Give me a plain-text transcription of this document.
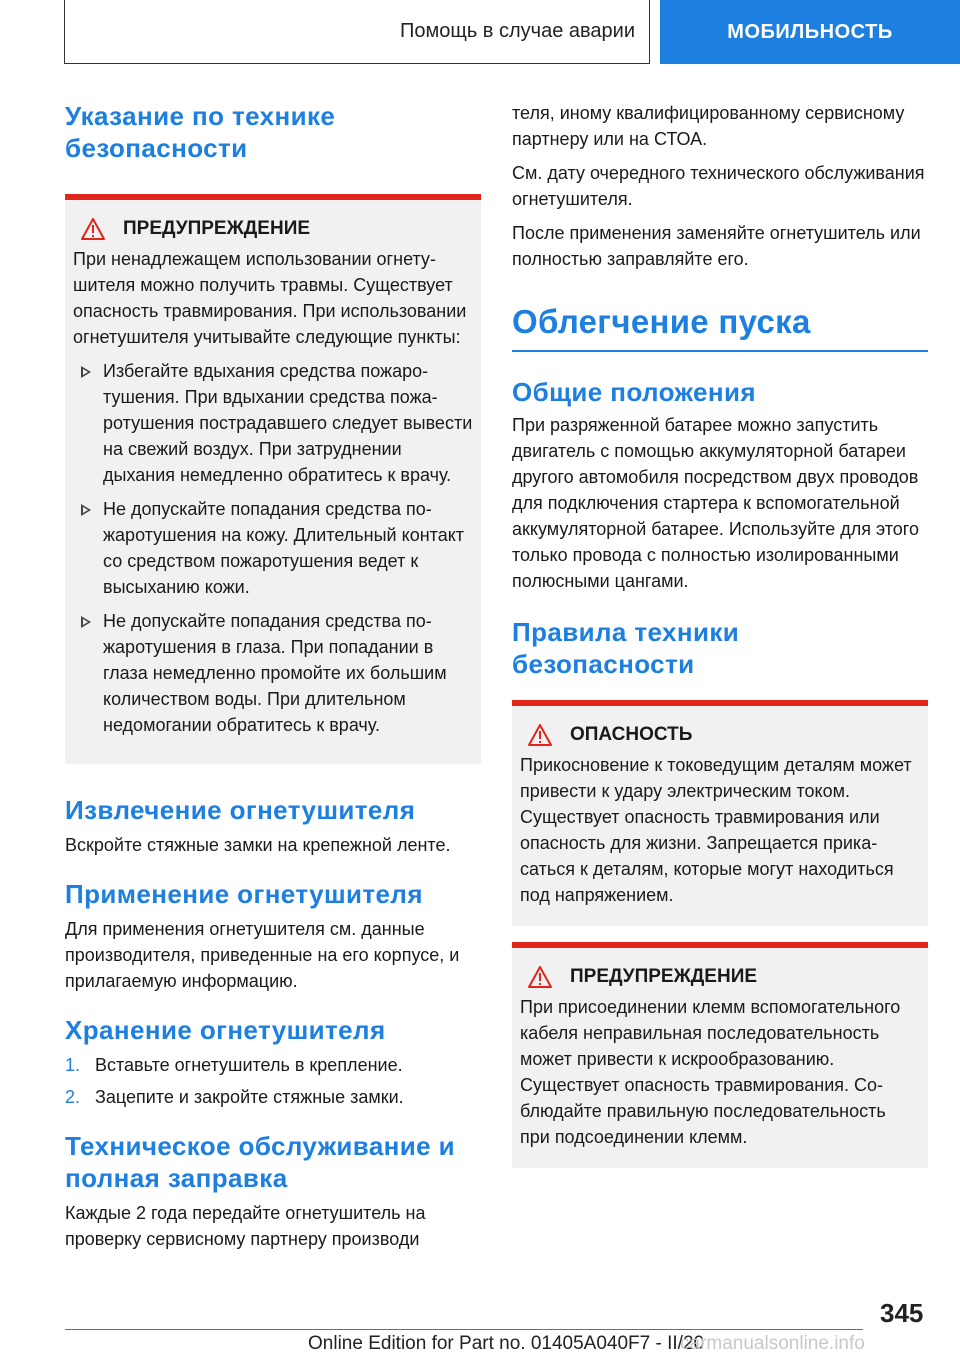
Помощь в случае аварии	МОБИЛЬНОСТЬ
Указание по технике безопасности
ПРЕДУПРЕЖДЕНИЕ

При ненадлежащем использовании огнетушителя можно получить травмы. Существует опасность травмирования. При использовании огнетушителя учитывайте следующие пункты:

Избегайте вдыхания средства пожаротушения. При вдыхании средства пожаротушения пострадавшего следует вывести на свежий воздух. При затруднении дыхания немедленно обратитесь к врачу.
Не допускайте попадания средства пожаротушения на кожу. Длительный контакт со средством пожаротушения ведет к высыханию кожи.
Не допускайте попадания средства пожаротушения в глаза. При попадании в глаза немедленно промойте их большим количеством воды. При длительном недомогании обратитесь к врачу.
Извлечение огнетушителя

Вскройте стяжные замки на крепежной ленте.

Применение огнетушителя

Для применения огнетушителя см. данные производителя, приведенные на его корпусе, и прилагаемую информацию.

Хранение огнетушителя
1. Вставьте огнетушитель в крепление.
2. Зацепите и закройте стяжные замки.
Техническое обслуживание и полная заправка

Каждые 2 года передайте огнетушитель на проверку сервисному партнеру производи

теля, иному квалифицированному сервисному партнеру или на СТОА.

См. дату очередного технического обслуживания огнетушителя.

После применения заменяйте огнетушитель или полностью заправляйте его.

Облегчение пуска
Общие положения

При разряженной батарее можно запустить двигатель с помощью аккумуляторной батареи другого автомобиля посредством двух проводов для подключения стартера к вспомогательной аккумуляторной батарее. Используйте для этого только провода с полностью изолированными полюсными цангами.

Правила техники безопасности
ОПАСНОСТЬ

Прикосновение к токоведущим деталям может привести к удару электрическим током. Существует опасность травмирования или опасность для жизни. Запрещается прикасаться к деталям, которые могут находиться под напряжением.

ПРЕДУПРЕЖДЕНИЕ

При присоединении клемм вспомогательного кабеля неправильная последовательность может привести к искрообразованию. Существует опасность травмирования. Соблюдайте правильную последовательность при подсоединении клемм.

345
Online Edition for Part no. 01405A040F7 - II/20
carmanualsonline.info
